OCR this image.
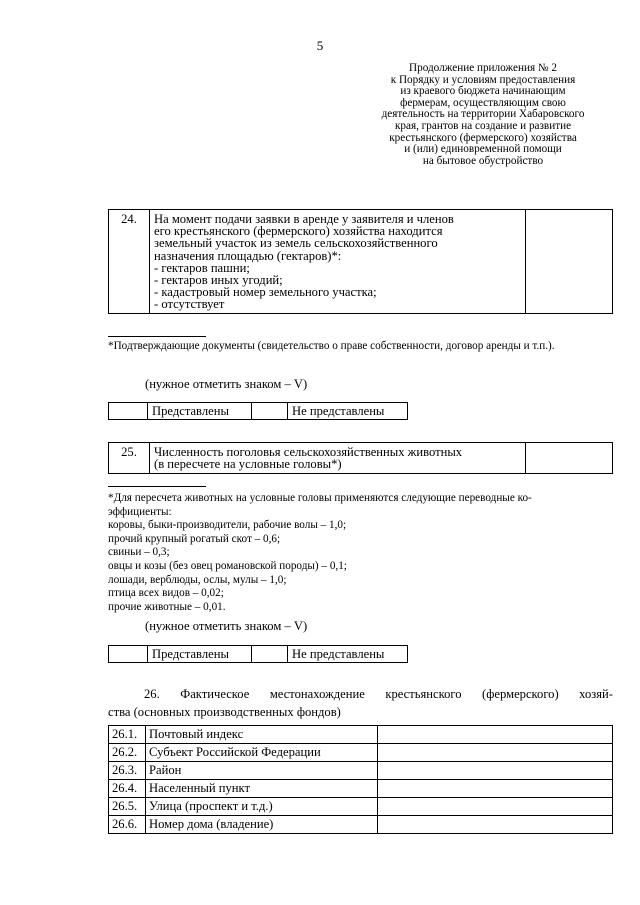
5
Продолжение приложения № 2
к Порядку и условиям предоставления
из краевого бюджета начинающим
фермерам, осуществляющим свою
деятельность на территории Хабаровского
края, грантов на создание и развитие
крестьянского (фермерского) хозяйства
и (или) единовременной помощи
на бытовое обустройство
24.	На момент подачи заявки в аренде у заявителя и членов
его крестьянского (фермерского) хозяйства находится
земельный участок из земель сельскохозяйственного
назначения площадью (гектаров)*:
- гектаров пашни;
- гектаров иных угодий;
- кадастровый номер земельного участка;
- отсутствует

*Подтверждающие документы (свидетельство о праве собственности, договор аренды и т.п.).
(нужное отметить знаком – V)
	Представлены		Не представлены
25.	Численность поголовья сельскохозяйственных животных
(в пересчете на условные головы*)

*Для пересчета животных на условные головы применяются следующие переводные ко-
эффициенты:
коровы, быки-производители, рабочие волы – 1,0;
прочий крупный рогатый скот – 0,6;
свиньи – 0,3;
овцы и козы (без овец романовской породы) – 0,1;
лошади, верблюды, ослы, мулы – 1,0;
птица всех видов – 0,02;
прочие животные – 0,01.
(нужное отметить знаком – V)
	Представлены		Не представлены
26. Фактическое местонахождение крестьянского (фермерского) хозяй-
ства (основных производственных фондов)
26.1.	Почтовый индекс	
26.2.	Субъект Российской Федерации	
26.3.	Район	
26.4.	Населенный пункт	
26.5.	Улица (проспект и т.д.)	
26.6.	Номер дома (владение)	
